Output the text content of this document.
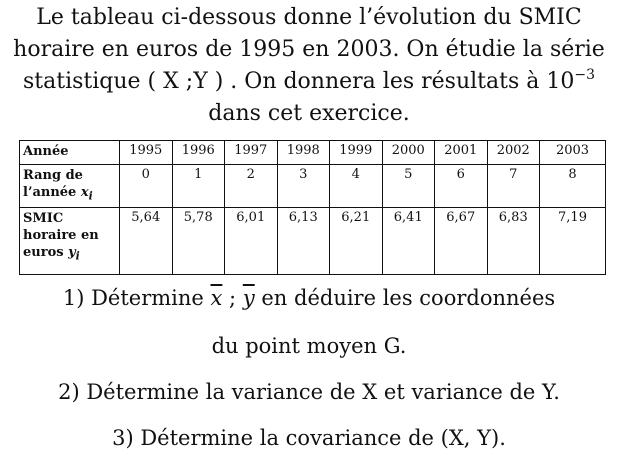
Le tableau ci-dessous donne l’évolution du SMIC
horaire en euros de 1995 en 2003. On étudie la série
statistique ( X ;Y ) . On donnera les résultats à $10^{-3}$
dans cet exercice.
Année	1995	1996	1997	1998	1999	2000	2001	2002	2003

Rang de
l’année $x_i$	0	1	2	3	4	5	6	7	8

SMIC
horaire en
euros $y_i$	5,64	5,78	6,01	6,13	6,21	6,41	6,67	6,83	7,19
1) Détermine $\overline{x}$ ; $\overline{y}$ en déduire les coordonnées
du point moyen G.
2) Détermine la variance de X et variance de Y.
3) Détermine la covariance de (X, Y).
